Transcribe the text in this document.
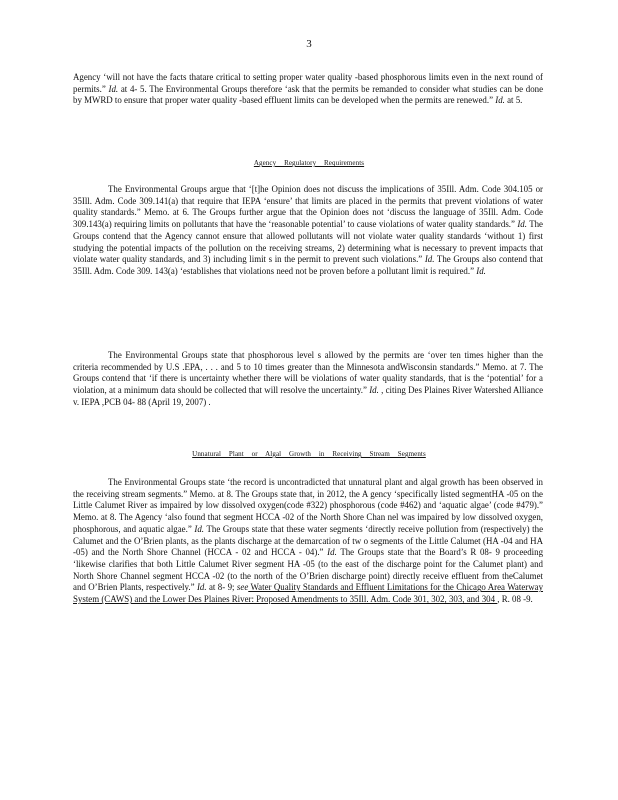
3

Agency ‘will not have the facts thatare critical to setting proper water quality -based phosphorous limits even in the next round of permits.” Id. at 4- 5. The Environmental Groups therefore ‘ask that the permits be remanded to consider what studies can be done by MWRD to ensure that proper water quality -based effluent limits can be developed when the permits are renewed.” Id. at 5.

Agency Regulatory Requirements

The Environmental Groups argue that ‘[t]he Opinion does not discuss the implications of 35Ill. Adm. Code 304.105 or 35Ill. Adm. Code 309.141(a) that require that IEPA ‘ensure’ that limits are placed in the permits that prevent violations of water quality standards.” Memo. at 6. The Groups further argue that the Opinion does not ‘discuss the language of 35Ill. Adm. Code 309.143(a) requiring limits on pollutants that have the ‘reasonable potential’ to cause violations of water quality standards.” Id. The Groups contend that the Agency cannot ensure that allowed pollutants will not violate water quality standards ‘without 1) first studying the potential impacts of the pollution on the receiving streams, 2) determining what is necessary to prevent impacts that violate water quality standards, and 3) including limit s in the permit to prevent such violations.” Id. The Groups also contend that 35Ill. Adm. Code 309. 143(a) ‘establishes that violations need not be proven before a pollutant limit is required.” Id.

The Environmental Groups state that phosphorous level s allowed by the permits are ‘over ten times higher than the criteria recommended by U.S .EPA, . . . and 5 to 10 times greater than the Minnesota andWisconsin standards.” Memo. at 7. The Groups contend that ‘if there is uncertainty whether there will be violations of water quality standards, that is the ‘potential’ for a violation, at a minimum data should be collected that will resolve the uncertainty.” Id. , citing Des Plaines River Watershed Alliance v. IEPA ,PCB 04- 88 (April 19, 2007) .

Unnatural Plant or Algal Growth in Receiving Stream Segments

The Environmental Groups state ‘the record is uncontradicted that unnatural plant and algal growth has been observed in the receiving stream segments.” Memo. at 8. The Groups state that, in 2012, the A gency ‘specifically listed segmentHA -05 on the Little Calumet River as impaired by low dissolved oxygen(code #322) phosphorous (code #462) and ‘aquatic algae’ (code #479).” Memo. at 8. The Agency ‘also found that segment HCCA -02 of the North Shore Chan nel was impaired by low dissolved oxygen, phosphorous, and aquatic algae.” Id. The Groups state that these water segments ‘directly receive pollution from (respectively) the Calumet and the O’Brien plants, as the plants discharge at the demarcation of tw o segments of the Little Calumet (HA -04 and HA -05) and the North Shore Channel (HCCA - 02 and HCCA - 04).” Id. The Groups state that the Board’s R 08- 9 proceeding ‘likewise clarifies that both Little Calumet River segment HA -05 (to the east of the discharge point for the Calumet plant) and North Shore Channel segment HCCA -02 (to the north of the O’Brien discharge point) directly receive effluent from theCalumet and O’Brien Plants, respectively.” Id. at 8- 9; see Water Quality Standards and Effluent Limitations for the Chicago Area Waterway System (CAWS) and the Lower Des Plaines River: Proposed Amendments to 35Ill. Adm. Code 301, 302, 303, and 304 , R. 08 -9.
